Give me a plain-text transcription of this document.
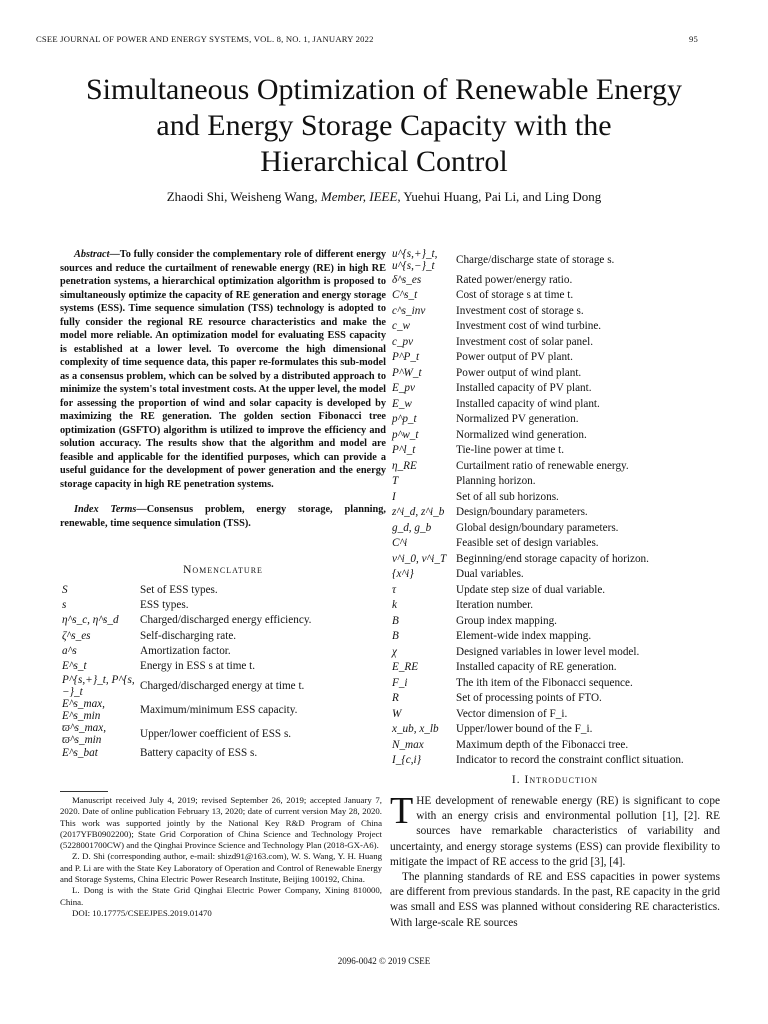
CSEE JOURNAL OF POWER AND ENERGY SYSTEMS, VOL. 8, NO. 1, JANUARY 2022	95
Simultaneous Optimization of Renewable Energy
and Energy Storage Capacity with the
Hierarchical Control
Zhaodi Shi, Weisheng Wang, Member, IEEE, Yuehui Huang, Pai Li, and Ling Dong

Abstract—To fully consider the complementary role of different energy sources and reduce the curtailment of renewable energy (RE) in high RE penetration systems, a hierarchical optimization algorithm is proposed to simultaneously optimize the capacity of RE generation and energy storage systems (ESS). Time sequence simulation (TSS) technology is adopted to fully consider the regional RE resource characteristics and make the model more reliable. An optimization model for evaluating ESS capacity is established at a lower level. To overcome the high dimensional complexity of time sequence data, this paper re-formulates this sub-model as a consensus problem, which can be solved by a distributed approach to minimize the system's total investment costs. At the upper level, the model for assessing the proportion of wind and solar capacity is developed by maximizing the RE generation. The golden section Fibonacci tree optimization (GSFTO) algorithm is utilized to improve the efficiency and solution accuracy. The results show that the algorithm and model are feasible and applicable for the identified purposes, which can provide a useful guidance for the development of power generation and the energy storage capacity in high RE penetration systems.

Index Terms—Consensus problem, energy storage, planning, renewable, time sequence simulation (TSS).

Nomenclature
S	Set of ESS types.
s	ESS types.
η^s_c, η^s_d	Charged/discharged energy efficiency.
ζ^s_es	Self-discharging rate.
a^s	Amortization factor.
E^s_t	Energy in ESS s at time t.
P^{s,+}_t, P^{s,−}_t	Charged/discharged energy at time t.
E^s_max, E^s_min	Maximum/minimum ESS capacity.
ϖ^s_max, ϖ^s_min	Upper/lower coefficient of ESS s.
E^s_bat	Battery capacity of ESS s.
u^{s,+}_t, u^{s,−}_t	Charge/discharge state of storage s.
δ^s_es	Rated power/energy ratio.
C^s_t	Cost of storage s at time t.
c^s_inv	Investment cost of storage s.
c_w	Investment cost of wind turbine.
c_pv	Investment cost of solar panel.
P^P_t	Power output of PV plant.
P^W_t	Power output of wind plant.
E_pv	Installed capacity of PV plant.
E_w	Installed capacity of wind plant.
p^p_t	Normalized PV generation.
p^w_t	Normalized wind generation.
P^l_t	Tie-line power at time t.
η_RE	Curtailment ratio of renewable energy.
T	Planning horizon.
I	Set of all sub horizons.
z^i_d, z^i_b	Design/boundary parameters.
g_d, g_b	Global design/boundary parameters.
C^i	Feasible set of design variables.
v^i_0, v^i_T	Beginning/end storage capacity of horizon.
{x^i}	Dual variables.
τ	Update step size of dual variable.
k	Iteration number.
B	Group index mapping.
B	Element-wide index mapping.
χ	Designed variables in lower level model.
E_RE	Installed capacity of RE generation.
F_i	The ith item of the Fibonacci sequence.
R	Set of processing points of FTO.
W	Vector dimension of F_i.
x_ub, x_lb	Upper/lower bound of the F_i.
N_max	Maximum depth of the Fibonacci tree.
I_{c,i}	Indicator to record the constraint conflict situation.

Manuscript received July 4, 2019; revised September 26, 2019; accepted January 7, 2020. Date of online publication February 13, 2020; date of current version May 28, 2020. This work was supported jointly by the National Key R&D Program of China (2017YFB0902200); State Grid Corporation of China Science and Technology Project (5228001700CW) and the Qinghai Province Science and Technology Plan (2018-GX-A6).

Z. D. Shi (corresponding author, e-mail: shizd91@163.com), W. S. Wang, Y. H. Huang and P. Li are with the State Key Laboratory of Operation and Control of Renewable Energy and Storage Systems, China Electric Power Research Institute, Beijing 100192, China.

L. Dong is with the State Grid Qinghai Electric Power Company, Xining 810000, China.

DOI: 10.17775/CSEEJPES.2019.01470

I. Introduction

THE development of renewable energy (RE) is significant to cope with an energy crisis and environmental pollution [1], [2]. RE sources have remarkable characteristics of variability and uncertainty, and energy storage systems (ESS) can provide flexibility to mitigate the impact of RE access to the grid [3], [4].

The planning standards of RE and ESS capacities in power systems are different from previous standards. In the past, RE capacity in the grid was small and ESS was planned without considering RE characteristics. With large-scale RE sources

2096-0042 © 2019 CSEE
